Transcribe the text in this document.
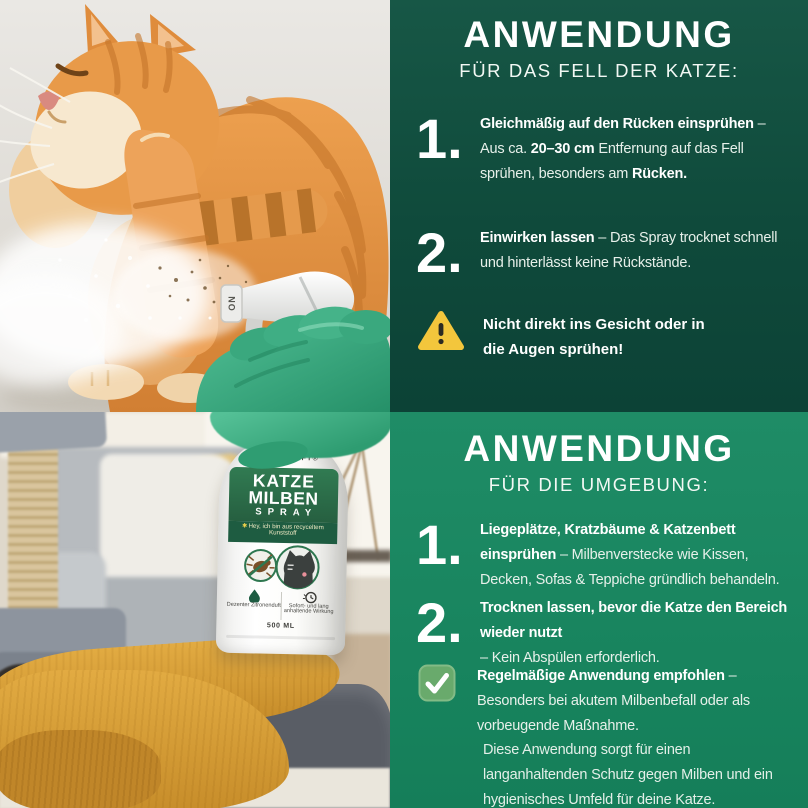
ON
KATZE
MILBEN
SPRAY
✱Hey, ich bin aus recyceltem
Kunststoff
Dezenter Zitronenduft Sofort- und lang anhaltende Wirkung
500 ML
ANWENDUNG
FÜR DAS FELL DER KATZE:
1.	Gleichmäßig auf den Rücken einsprühen –
Aus ca. 20–30 cm Entfernung auf das Fell
sprühen, besonders am Rücken.
2.	Einwirken lassen – Das Spray trocknet schnell
und hinterlässt keine Rückstände.
Nicht direkt ins Gesicht oder in
die Augen sprühen!
ANWENDUNG
FÜR DIE UMGEBUNG:
1.	Liegeplätze, Kratzbäume & Katzenbett
einsprühen – Milbenverstecke wie Kissen,
Decken, Sofas & Teppiche gründlich behandeln.
2.	Trocknen lassen, bevor die Katze den Bereich
wieder nutzt
– Kein Abspülen erforderlich.
Regelmäßige Anwendung empfohlen –
Besonders bei akutem Milbenbefall oder als
vorbeugende Maßnahme.
Diese Anwendung sorgt für einen
langanhaltenden Schutz gegen Milben und ein
hygienisches Umfeld für deine Katze.
